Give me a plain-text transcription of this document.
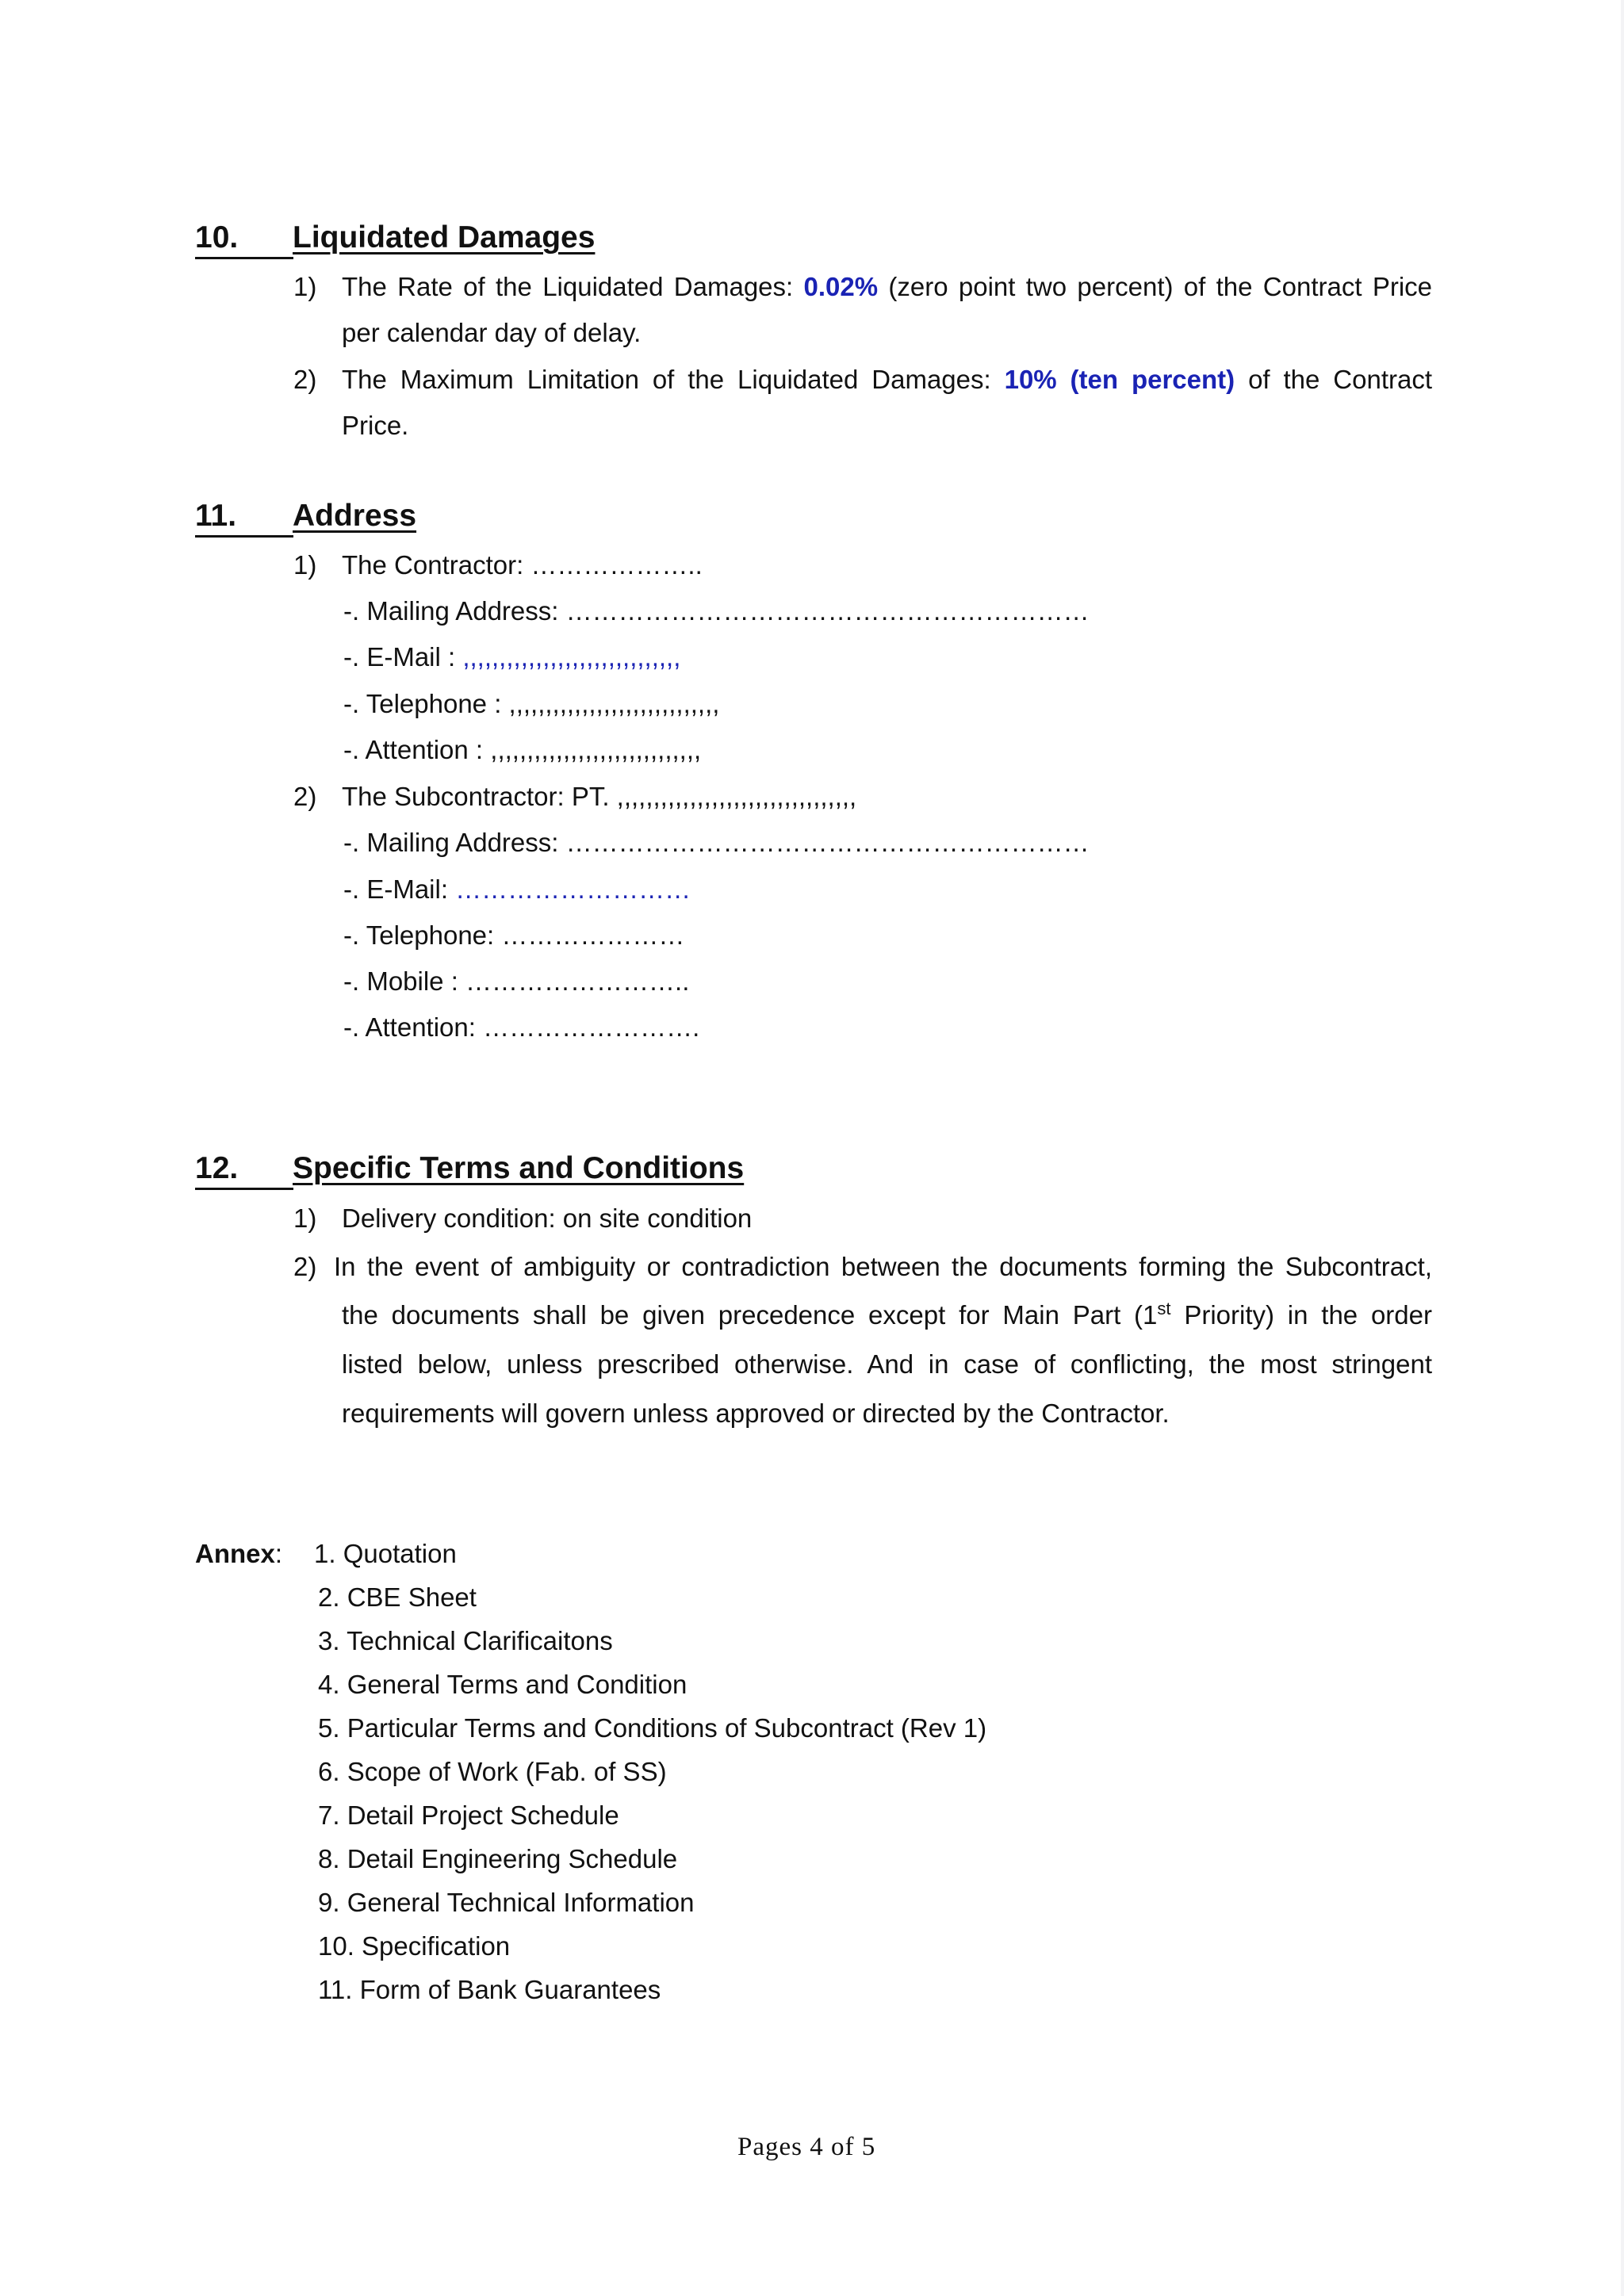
10. Liquidated Damages
1) The Rate of the Liquidated Damages: 0.02% (zero point two percent) of the Contract Price
per calendar day of delay.
2) The Maximum Limitation of the Liquidated Damages: 10% (ten percent) of the Contract
Price.
11. Address
1) The Contractor: ………………..
-. Mailing Address: ……………………………………………………
-. E-Mail : ,,,,,,,,,,,,,,,,,,,,,,,,,,,,,,
-. Telephone : ,,,,,,,,,,,,,,,,,,,,,,,,,,,,,
-. Attention : ,,,,,,,,,,,,,,,,,,,,,,,,,,,,,
2) The Subcontractor: PT. ,,,,,,,,,,,,,,,,,,,,,,,,,,,,,,,,,
-. Mailing Address: ……………………………………………………
-. E-Mail: ………………………
-. Telephone: …………………
-. Mobile : ……………………..
-. Attention: …………………….
12. Specific Terms and Conditions
1) Delivery condition: on site condition
2) In the event of ambiguity or contradiction between the documents forming the Subcontract,
the documents shall be given precedence except for Main Part (1st Priority) in the order
listed below, unless prescribed otherwise. And in case of conflicting, the most stringent
requirements will govern unless approved or directed by the Contractor.
Annex: 1. Quotation
2. CBE Sheet
3. Technical Clarificaitons
4. General Terms and Condition
5. Particular Terms and Conditions of Subcontract (Rev 1)
6. Scope of Work (Fab. of SS)
7. Detail Project Schedule
8. Detail Engineering Schedule
9. General Technical Information
10. Specification
11. Form of Bank Guarantees
Pages 4 of 5
